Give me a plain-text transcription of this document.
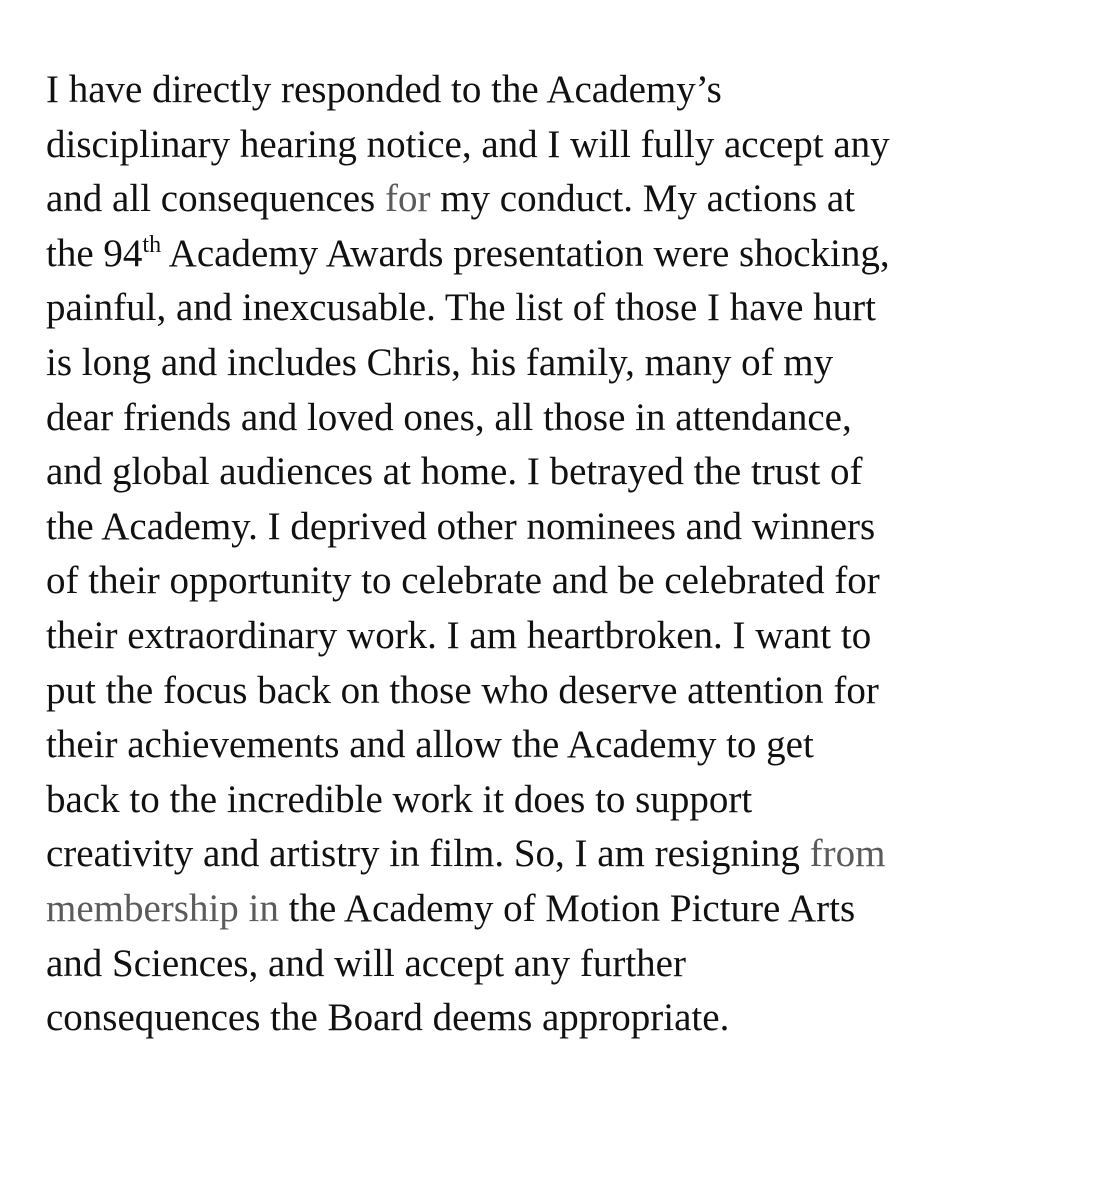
I have directly responded to the Academy’s
disciplinary hearing notice, and I will fully accept any
and all consequences for my conduct. My actions at
the 94th Academy Awards presentation were shocking,
painful, and inexcusable. The list of those I have hurt
is long and includes Chris, his family, many of my
dear friends and loved ones, all those in attendance,
and global audiences at home. I betrayed the trust of
the Academy. I deprived other nominees and winners
of their opportunity to celebrate and be celebrated for
their extraordinary work. I am heartbroken. I want to
put the focus back on those who deserve attention for
their achievements and allow the Academy to get
back to the incredible work it does to support
creativity and artistry in film. So, I am resigning from
membership in the Academy of Motion Picture Arts
and Sciences, and will accept any further
consequences the Board deems appropriate.
